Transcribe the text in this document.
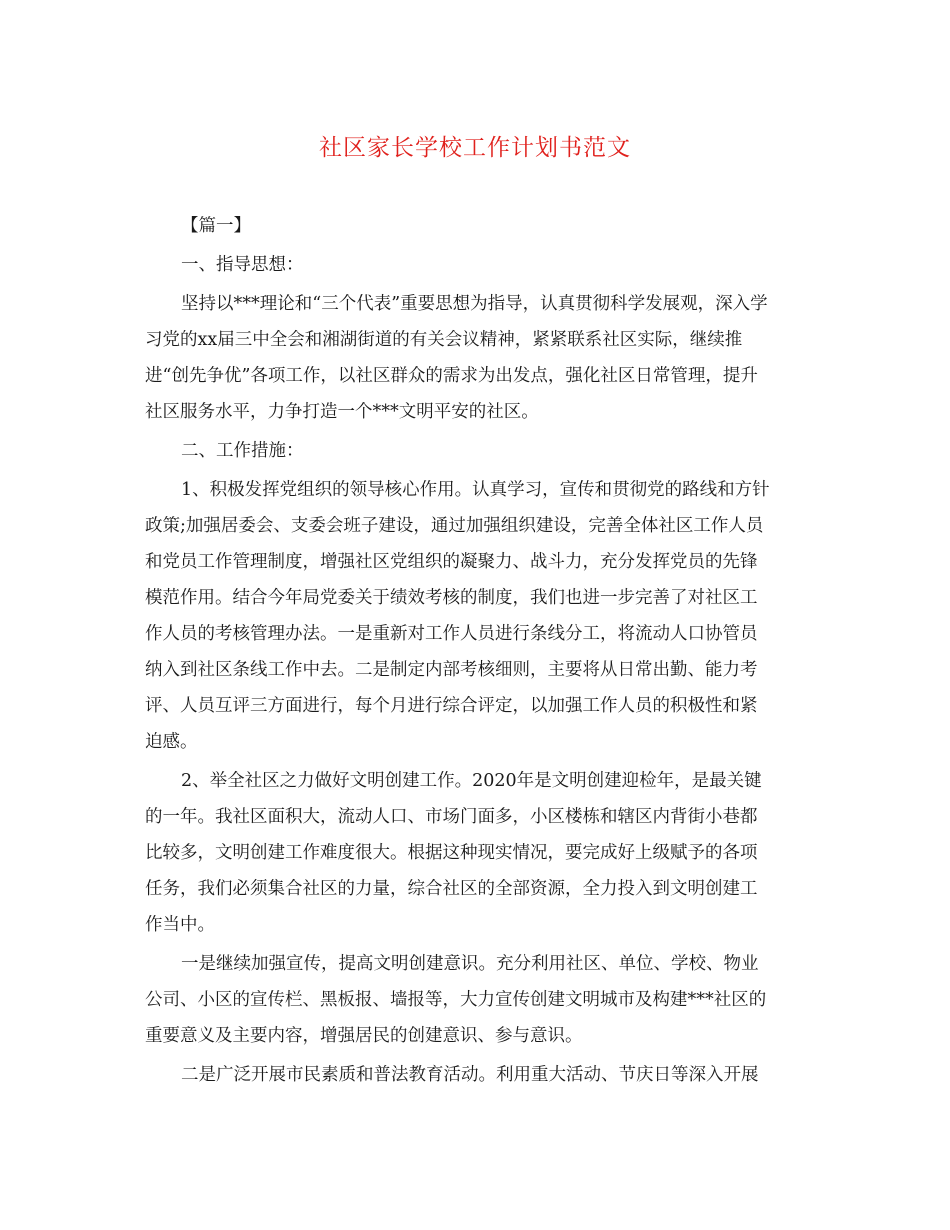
社区家长学校工作计划书范文

【篇一】

一、指导思想：

坚持以***理论和“三个代表”重要思想为指导，认真贯彻科学发展观，深入学
习党的xx届三中全会和湘湖街道的有关会议精神，紧紧联系社区实际，继续推
进“创先争优”各项工作，以社区群众的需求为出发点，强化社区日常管理，提升
社区服务水平，力争打造一个***文明平安的社区。

二、工作措施：

1、积极发挥党组织的领导核心作用。认真学习，宣传和贯彻党的路线和方针
政策;加强居委会、支委会班子建设，通过加强组织建设，完善全体社区工作人员
和党员工作管理制度，增强社区党组织的凝聚力、战斗力，充分发挥党员的先锋
模范作用。结合今年局党委关于绩效考核的制度，我们也进一步完善了对社区工
作人员的考核管理办法。一是重新对工作人员进行条线分工，将流动人口协管员
纳入到社区条线工作中去。二是制定内部考核细则，主要将从日常出勤、能力考
评、人员互评三方面进行，每个月进行综合评定，以加强工作人员的积极性和紧
迫感。

2、举全社区之力做好文明创建工作。2020年是文明创建迎检年，是最关键
的一年。我社区面积大，流动人口、市场门面多，小区楼栋和辖区内背街小巷都
比较多，文明创建工作难度很大。根据这种现实情况，要完成好上级赋予的各项
任务，我们必须集合社区的力量，综合社区的全部资源，全力投入到文明创建工
作当中。

一是继续加强宣传，提高文明创建意识。充分利用社区、单位、学校、物业
公司、小区的宣传栏、黑板报、墙报等，大力宣传创建文明城市及构建***社区的
重要意义及主要内容，增强居民的创建意识、参与意识。

二是广泛开展市民素质和普法教育活动。利用重大活动、节庆日等深入开展
